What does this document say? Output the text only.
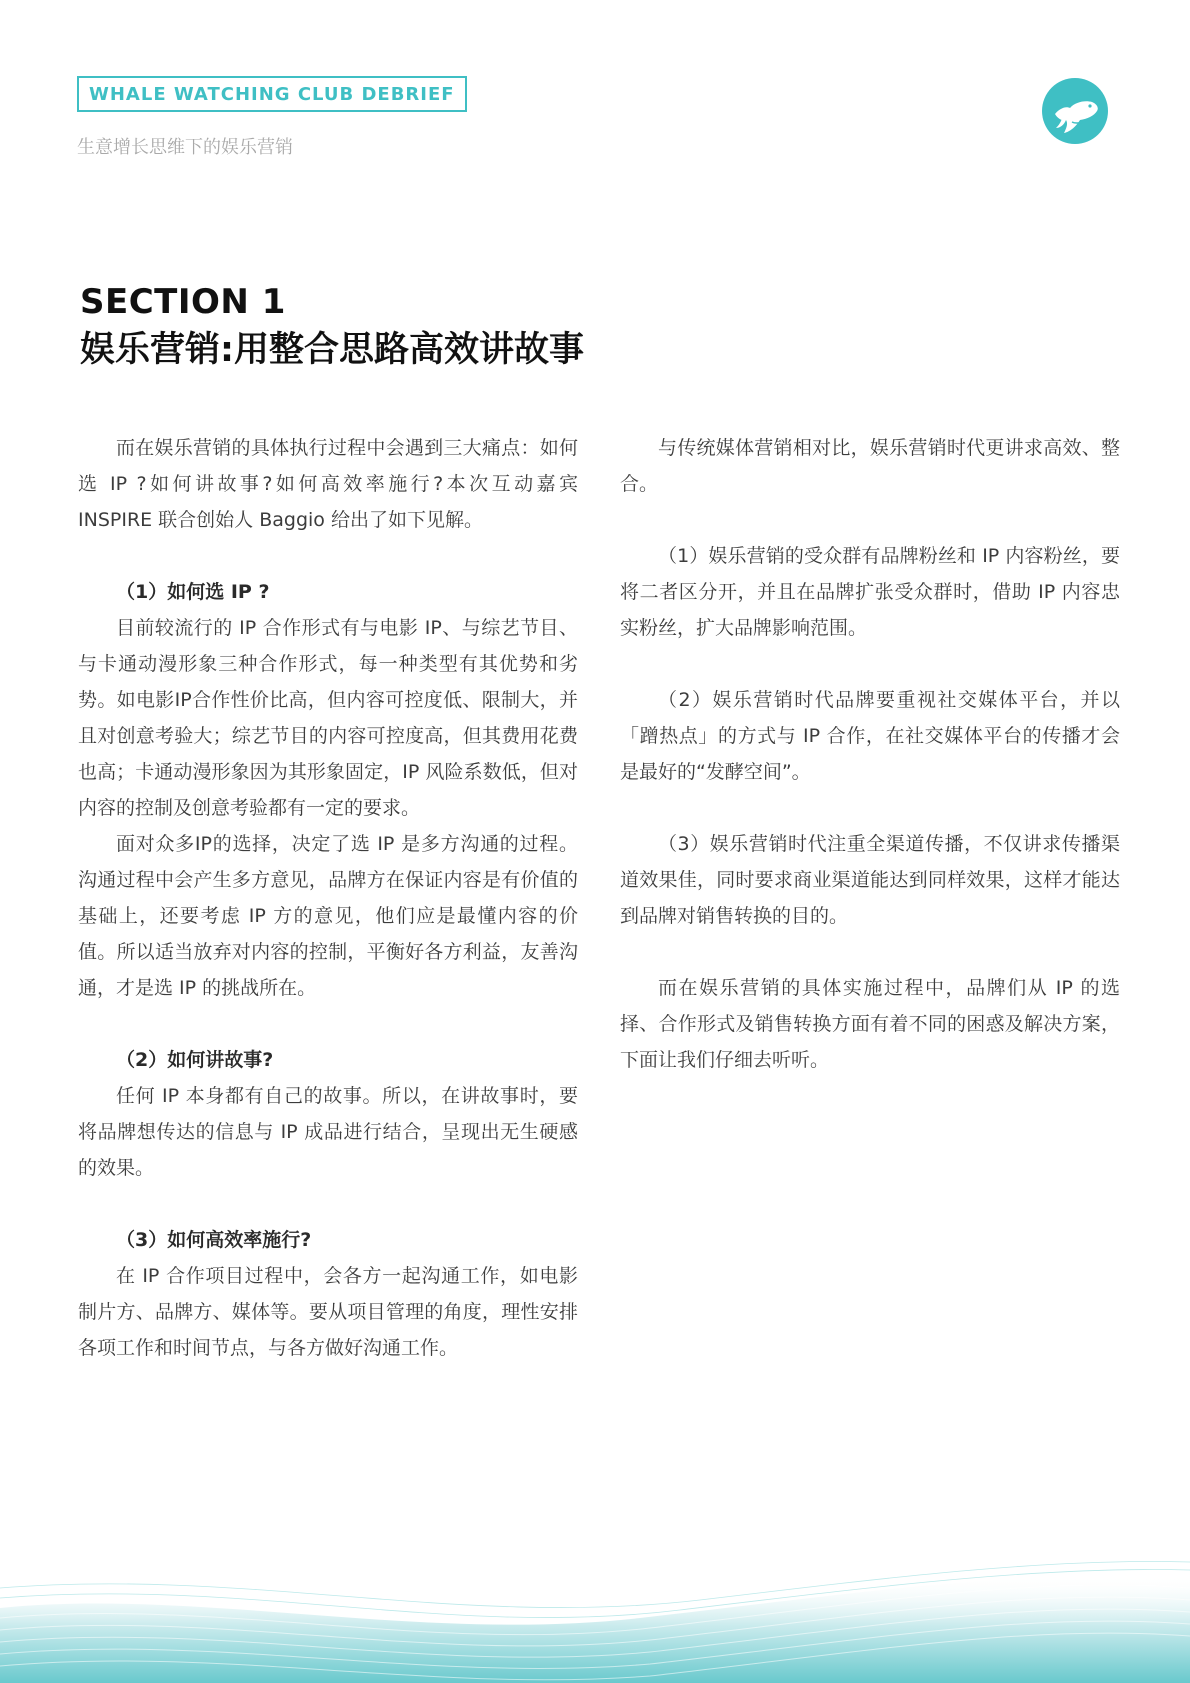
WHALE WATCHING CLUB DEBRIEF
生意增长思维下的娱乐营销
SECTION 1
娱乐营销:用整合思路高效讲故事

而在娱乐营销的具体执行过程中会遇到三大痛点：如何选 IP ?如何讲故事?如何高效率施行?本次互动嘉宾 INSPIRE 联合创始人 Baggio 给出了如下见解。

（1）如何选 IP ?

目前较流行的 IP 合作形式有与电影 IP、与综艺节目、与卡通动漫形象三种合作形式，每一种类型有其优势和劣势。如电影IP合作性价比高，但内容可控度低、限制大，并且对创意考验大；综艺节目的内容可控度高，但其费用花费也高；卡通动漫形象因为其形象固定，IP 风险系数低，但对内容的控制及创意考验都有一定的要求。

面对众多IP的选择，决定了选 IP 是多方沟通的过程。沟通过程中会产生多方意见，品牌方在保证内容是有价值的基础上，还要考虑 IP 方的意见，他们应是最懂内容的价值。所以适当放弃对内容的控制，平衡好各方利益，友善沟通，才是选 IP 的挑战所在。

（2）如何讲故事?

任何 IP 本身都有自己的故事。所以，在讲故事时，要将品牌想传达的信息与 IP 成品进行结合，呈现出无生硬感的效果。

（3）如何高效率施行?

在 IP 合作项目过程中，会各方一起沟通工作，如电影制片方、品牌方、媒体等。要从项目管理的角度，理性安排各项工作和时间节点，与各方做好沟通工作。

与传统媒体营销相对比，娱乐营销时代更讲求高效、整合。

（1）娱乐营销的受众群有品牌粉丝和 IP 内容粉丝，要将二者区分开，并且在品牌扩张受众群时，借助 IP 内容忠实粉丝，扩大品牌影响范围。

（2）娱乐营销时代品牌要重视社交媒体平台，并以「蹭热点」的方式与 IP 合作，在社交媒体平台的传播才会是最好的“发酵空间”。

（3）娱乐营销时代注重全渠道传播，不仅讲求传播渠道效果佳，同时要求商业渠道能达到同样效果，这样才能达到品牌对销售转换的目的。

而在娱乐营销的具体实施过程中，品牌们从 IP 的选择、合作形式及销售转换方面有着不同的困惑及解决方案，下面让我们仔细去听听。
